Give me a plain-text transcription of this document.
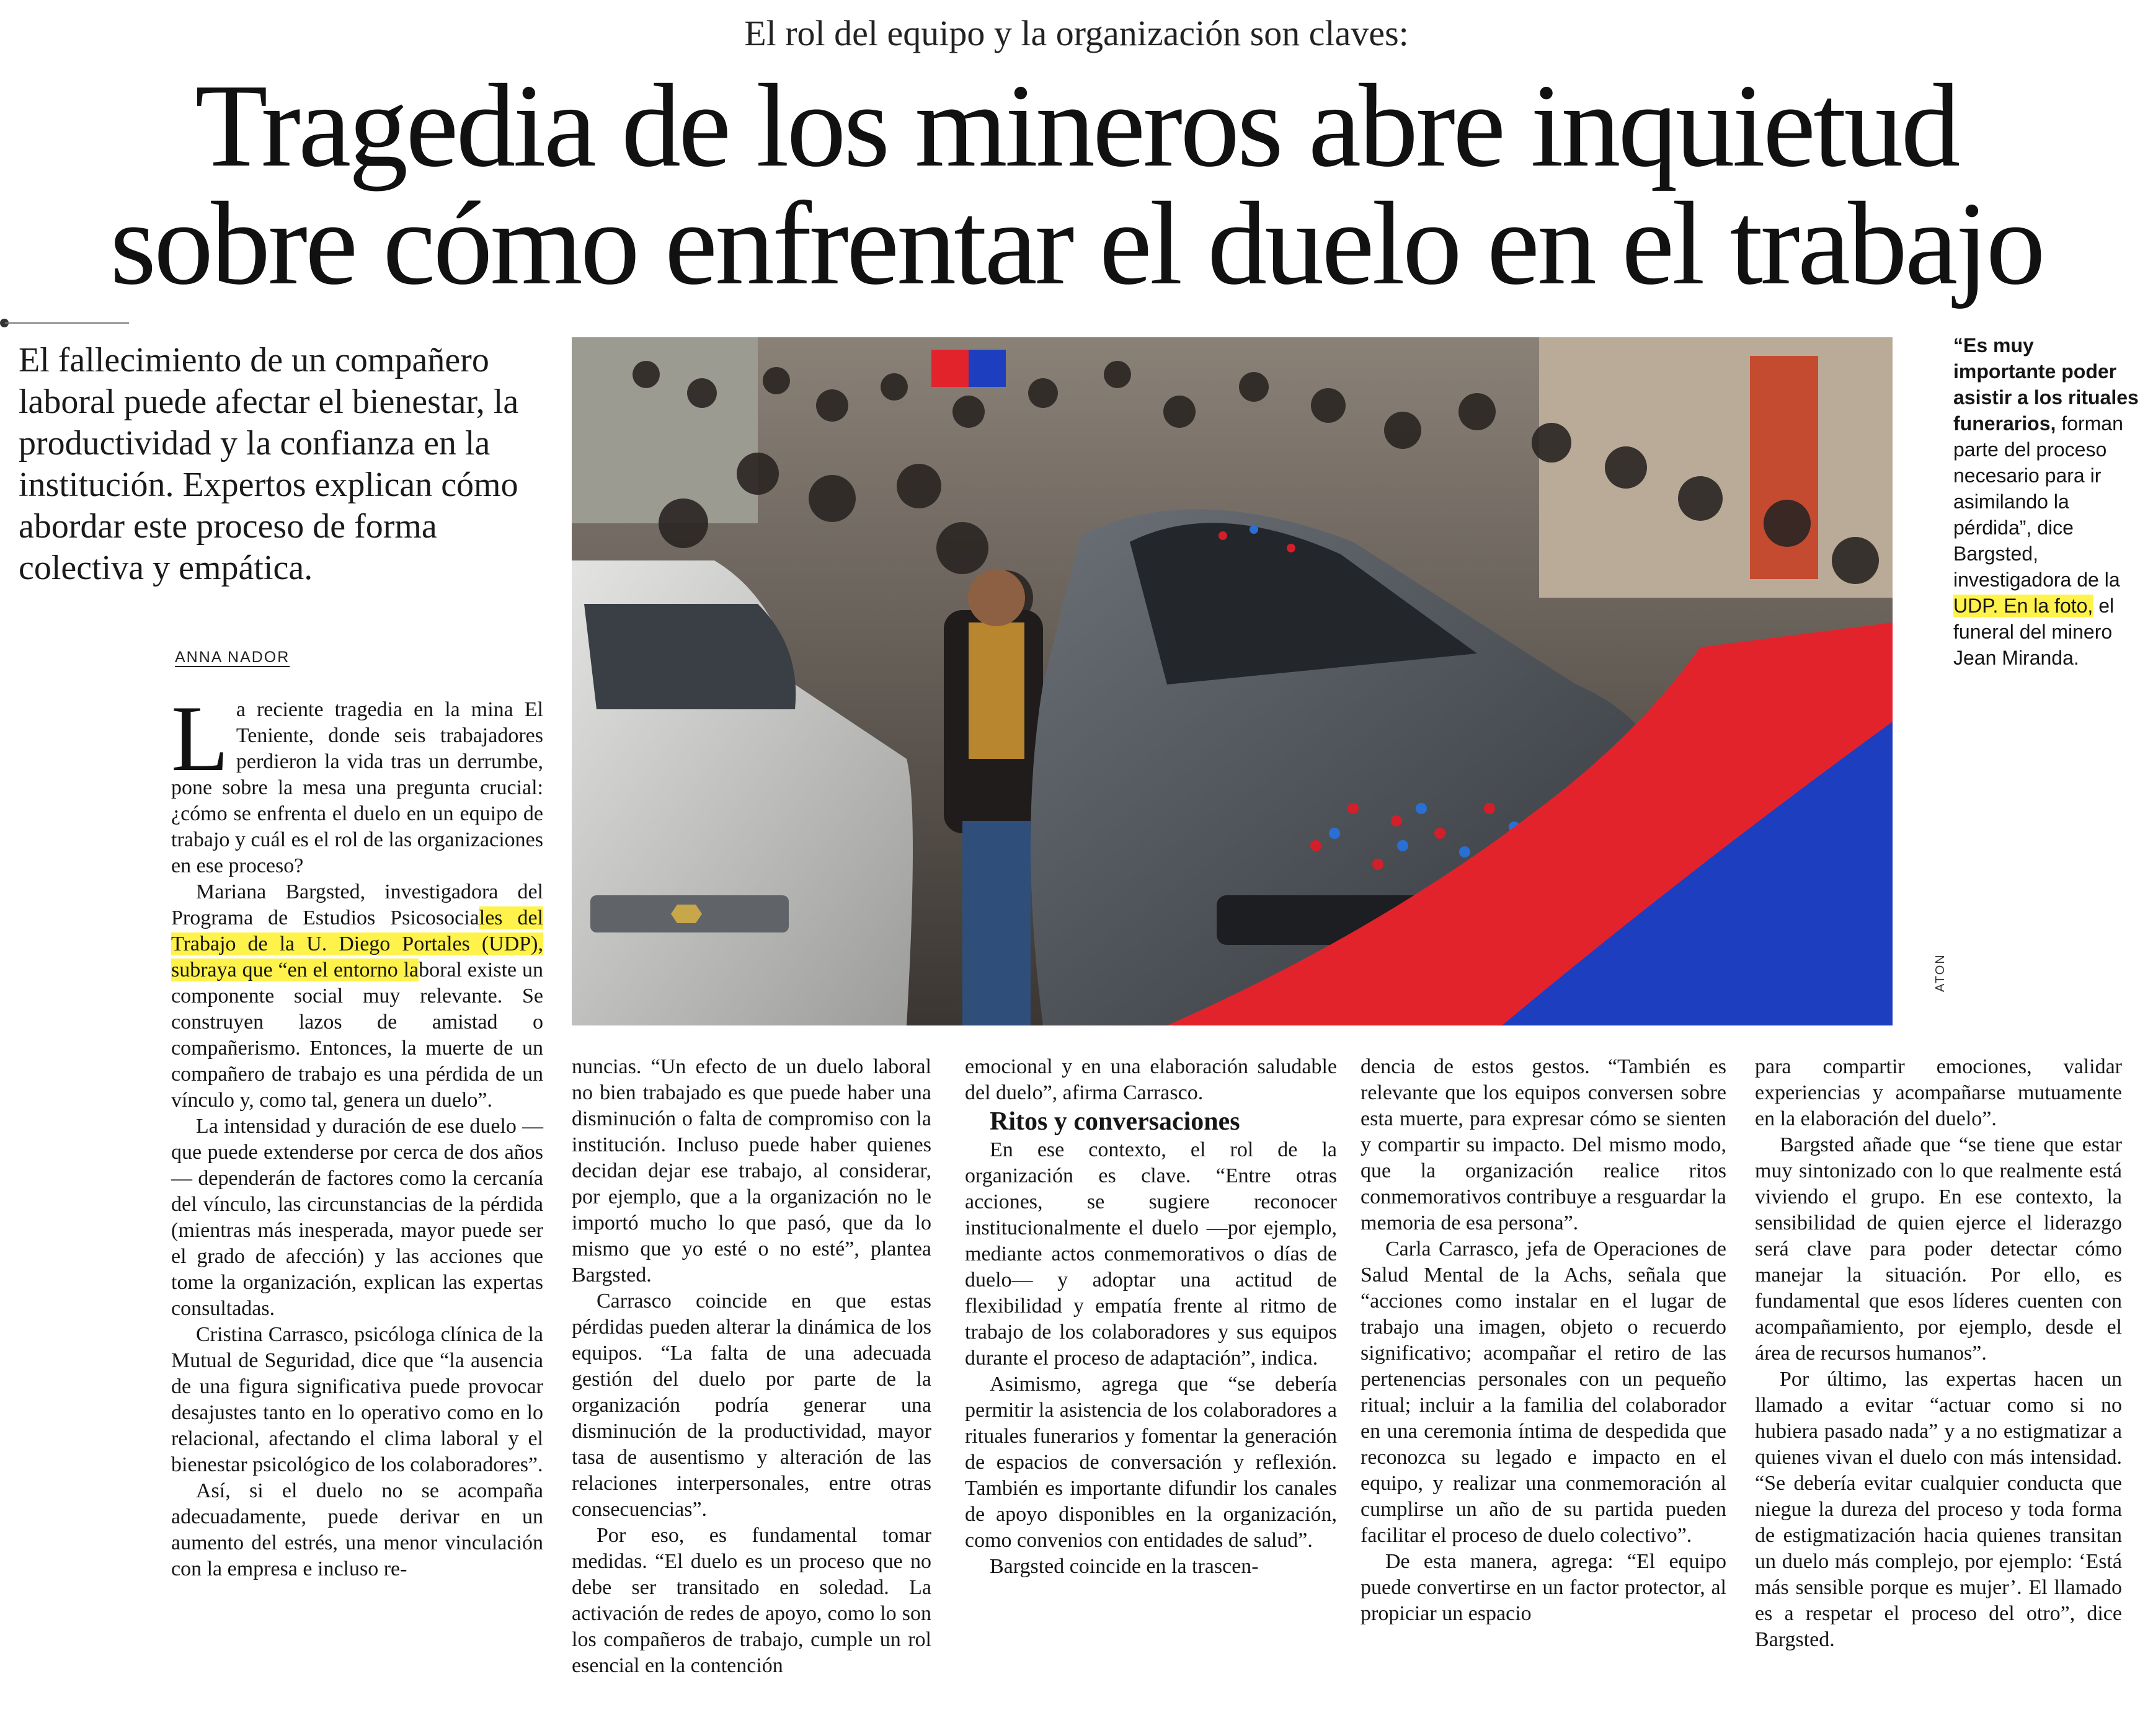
El rol del equipo y la organización son claves:
Tragedia de los mineros abre inquietud
sobre cómo enfrentar el duelo en el trabajo
El fallecimiento de un compañero laboral puede afectar el bienestar, la productividad y la confianza en la institución. Expertos explican cómo abordar este proceso de forma colectiva y empática.
ANNA NADOR
ATON
“Es muy importante poder asistir a los rituales funerarios, forman parte del proceso necesario para ir asimilando la pérdida”, dice Bargsted, investigadora de la UDP. En la foto, el funeral del minero Jean Miranda.

La reciente tragedia en la mina El Teniente, donde seis trabajadores perdieron la vida tras un derrumbe, pone sobre la mesa una pregunta crucial: ¿cómo se enfrenta el duelo en un equipo de trabajo y cuál es el rol de las organizaciones en ese proceso?

Mariana Bargsted, investigadora del Programa de Estudios Psicosociales del Trabajo de la U. Diego Portales (UDP), subraya que “en el entorno laboral existe un componente social muy relevante. Se construyen lazos de amistad o compañerismo. Entonces, la muerte de un compañero de trabajo es una pérdida de un vínculo y, como tal, genera un duelo”.

La intensidad y duración de ese duelo —que puede extenderse por cerca de dos años— dependerán de factores como la cercanía del vínculo, las circunstancias de la pérdida (mientras más inesperada, mayor puede ser el grado de afección) y las acciones que tome la organización, explican las expertas consultadas.

Cristina Carrasco, psicóloga clínica de la Mutual de Seguridad, dice que “la ausencia de una figura significativa puede provocar desajustes tanto en lo operativo como en lo relacional, afectando el clima laboral y el bienestar psicológico de los colaboradores”.

Así, si el duelo no se acompaña adecuadamente, puede derivar en un aumento del estrés, una menor vinculación con la empresa e incluso re-

nuncias. “Un efecto de un duelo laboral no bien trabajado es que puede haber una disminución o falta de compromiso con la institución. Incluso puede haber quienes decidan dejar ese trabajo, al considerar, por ejemplo, que a la organización no le importó mucho lo que pasó, que da lo mismo que yo esté o no esté”, plantea Bargsted.

Carrasco coincide en que estas pérdidas pueden alterar la dinámica de los equipos. “La falta de una adecuada gestión del duelo por parte de la organización podría generar una disminución de la productividad, mayor tasa de ausentismo y alteración de las relaciones interpersonales, entre otras consecuencias”.

Por eso, es fundamental tomar medidas. “El duelo es un proceso que no debe ser transitado en soledad. La activación de redes de apoyo, como lo son los compañeros de trabajo, cumple un rol esencial en la contención

emocional y en una elaboración saludable del duelo”, afirma Carrasco.

Ritos y conversaciones

En ese contexto, el rol de la organización es clave. “Entre otras acciones, se sugiere reconocer institucionalmente el duelo —por ejemplo, mediante actos conmemorativos o días de duelo— y adoptar una actitud de flexibilidad y empatía frente al ritmo de trabajo de los colaboradores y sus equipos durante el proceso de adaptación”, indica.

Asimismo, agrega que “se debería permitir la asistencia de los colaboradores a rituales funerarios y fomentar la generación de espacios de conversación y reflexión. También es importante difundir los canales de apoyo disponibles en la organización, como convenios con entidades de salud”.

Bargsted coincide en la trascen-

dencia de estos gestos. “También es relevante que los equipos conversen sobre esta muerte, para expresar cómo se sienten y compartir su impacto. Del mismo modo, que la organización realice ritos conmemorativos contribuye a resguardar la memoria de esa persona”.

Carla Carrasco, jefa de Operaciones de Salud Mental de la Achs, señala que “acciones como instalar en el lugar de trabajo una imagen, objeto o recuerdo significativo; acompañar el retiro de las pertenencias personales con un pequeño ritual; incluir a la familia del colaborador en una ceremonia íntima de despedida que reconozca su legado e impacto en el equipo, y realizar una conmemoración al cumplirse un año de su partida pueden facilitar el proceso de duelo colectivo”.

De esta manera, agrega: “El equipo puede convertirse en un factor protector, al propiciar un espacio

para compartir emociones, validar experiencias y acompañarse mutuamente en la elaboración del duelo”.

Bargsted añade que “se tiene que estar muy sintonizado con lo que realmente está viviendo el grupo. En ese contexto, la sensibilidad de quien ejerce el liderazgo será clave para poder detectar cómo manejar la situación. Por ello, es fundamental que esos líderes cuenten con acompañamiento, por ejemplo, desde el área de recursos humanos”.

Por último, las expertas hacen un llamado a evitar “actuar como si no hubiera pasado nada” y a no estigmatizar a quienes vivan el duelo con más intensidad. “Se debería evitar cualquier conducta que niegue la dureza del proceso y toda forma de estigmatización hacia quienes transitan un duelo más complejo, por ejemplo: ‘Está más sensible porque es mujer’. El llamado es a respetar el proceso del otro”, dice Bargsted.
